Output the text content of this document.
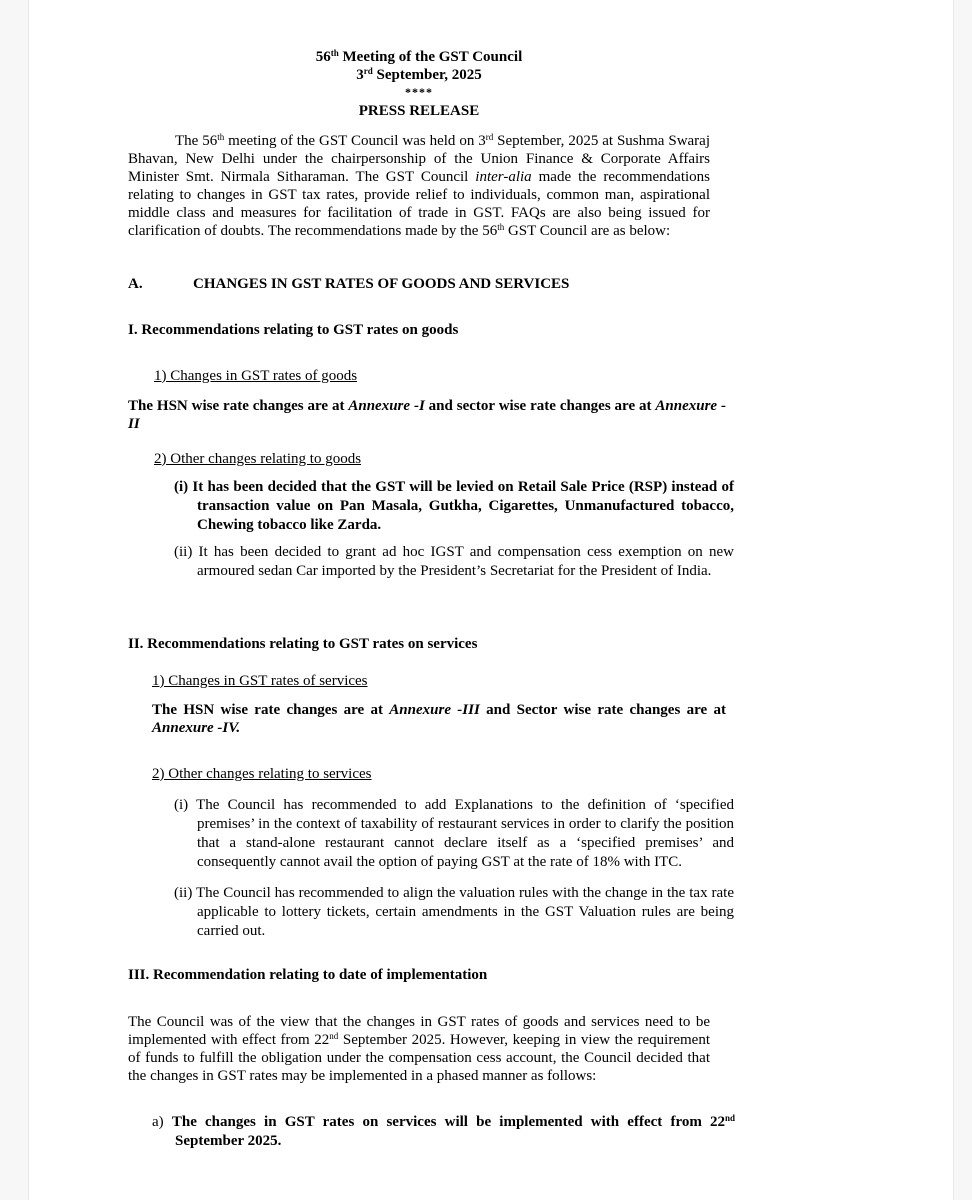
56th Meeting of the GST Council
3rd September, 2025
****
PRESS RELEASE
The 56th meeting of the GST Council was held on 3rd September, 2025 at Sushma Swaraj Bhavan, New Delhi under the chairpersonship of the Union Finance & Corporate Affairs Minister Smt. Nirmala Sitharaman. The GST Council inter-alia made the recommendations relating to changes in GST tax rates, provide relief to individuals, common man, aspirational middle class and measures for facilitation of trade in GST. FAQs are also being issued for clarification of doubts. The recommendations made by the 56th GST Council are as below:
A.	CHANGES IN GST RATES OF GOODS AND SERVICES
I. Recommendations relating to GST rates on goods
1) Changes in GST rates of goods
The HSN wise rate changes are at Annexure -I and sector wise rate changes are at Annexure -II
2) Other changes relating to goods
(i) It has been decided that the GST will be levied on Retail Sale Price (RSP) instead of transaction value on Pan Masala, Gutkha, Cigarettes, Unmanufactured tobacco, Chewing tobacco like Zarda.
(ii) It has been decided to grant ad hoc IGST and compensation cess exemption on new armoured sedan Car imported by the President’s Secretariat for the President of India.
II. Recommendations relating to GST rates on services
1) Changes in GST rates of services
The HSN wise rate changes are at Annexure -III and Sector wise rate changes are at Annexure -IV.
2) Other changes relating to services
(i) The Council has recommended to add Explanations to the definition of ‘specified premises’ in the context of taxability of restaurant services in order to clarify the position that a stand-alone restaurant cannot declare itself as a ‘specified premises’ and consequently cannot avail the option of paying GST at the rate of 18% with ITC.
(ii) The Council has recommended to align the valuation rules with the change in the tax rate applicable to lottery tickets, certain amendments in the GST Valuation rules are being carried out.
III. Recommendation relating to date of implementation
The Council was of the view that the changes in GST rates of goods and services need to be implemented with effect from 22nd September 2025. However, keeping in view the requirement of funds to fulfill the obligation under the compensation cess account, the Council decided that the changes in GST rates may be implemented in a phased manner as follows:
a) The changes in GST rates on services will be implemented with effect from 22nd September 2025.
